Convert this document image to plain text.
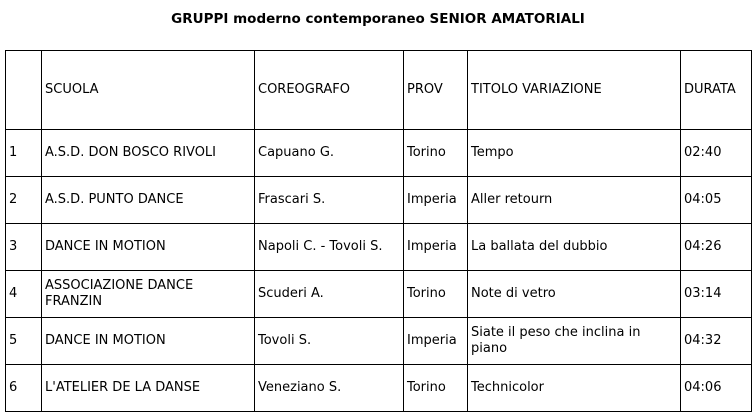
GRUPPI moderno contemporaneo SENIOR AMATORIALI
	SCUOLA	COREOGRAFO	PROV	TITOLO VARIAZIONE	DURATA
1	A.S.D. DON BOSCO RIVOLI	Capuano G.	Torino	Tempo	02:40
2	A.S.D. PUNTO DANCE	Frascari S.	Imperia	Aller retourn	04:05
3	DANCE IN MOTION	Napoli C. - Tovoli S.	Imperia	La ballata del dubbio	04:26
4	ASSOCIAZIONE DANCE FRANZIN	Scuderi A.	Torino	Note di vetro	03:14
5	DANCE IN MOTION	Tovoli S.	Imperia	Siate il peso che inclina in piano	04:32
6	L'ATELIER DE LA DANSE	Veneziano S.	Torino	Technicolor	04:06
